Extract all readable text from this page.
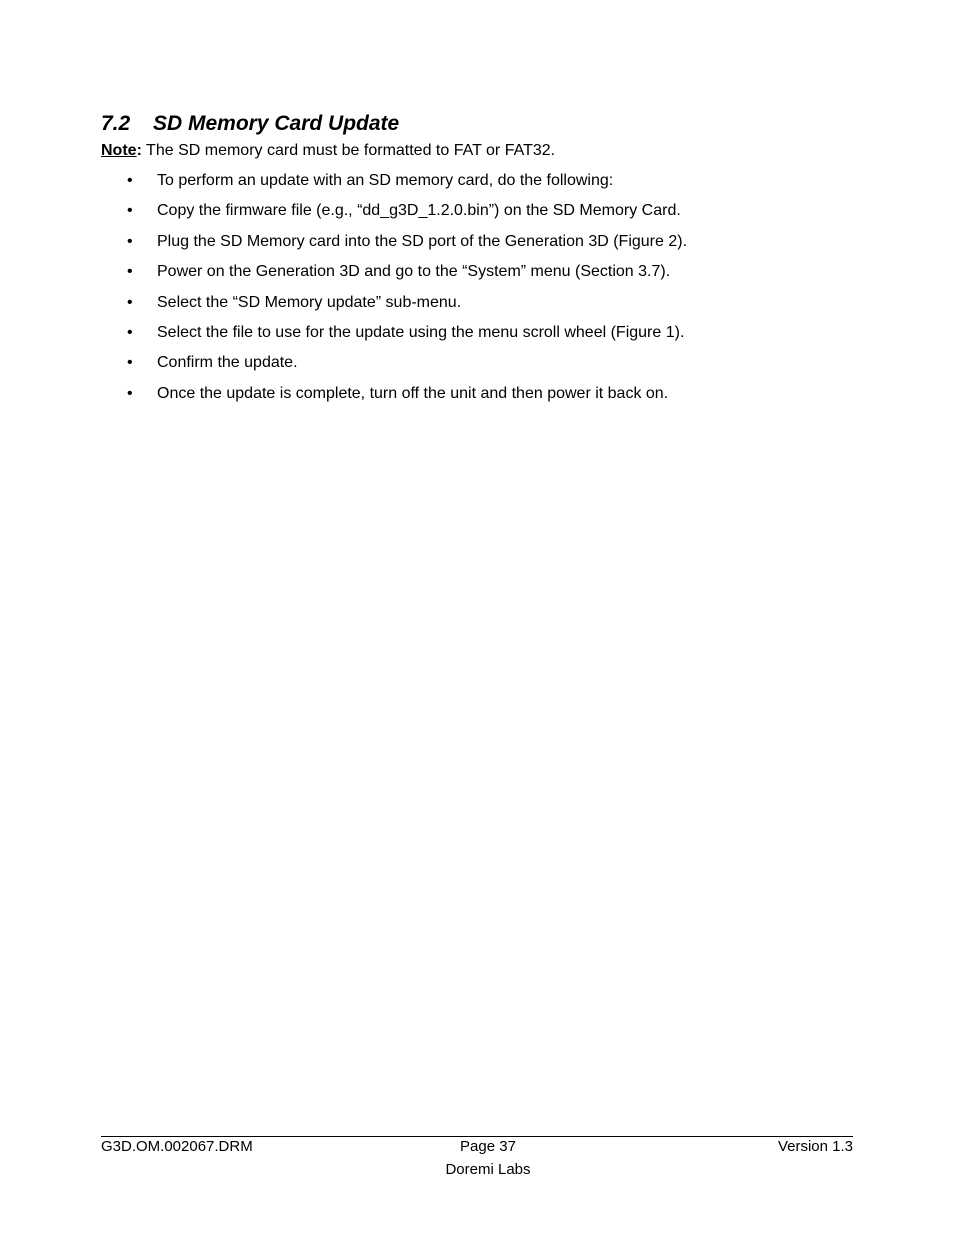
7.2 SD Memory Card Update
Note: The SD memory card must be formatted to FAT or FAT32.
• To perform an update with an SD memory card, do the following:
• Copy the firmware file (e.g., “dd_g3D_1.2.0.bin”) on the SD Memory Card.
• Plug the SD Memory card into the SD port of the Generation 3D (Figure 2).
• Power on the Generation 3D and go to the “System” menu (Section 3.7).
• Select the “SD Memory update” sub-menu.
• Select the file to use for the update using the menu scroll wheel (Figure 1).
• Confirm the update.
• Once the update is complete, turn off the unit and then power it back on.
G3D.OM.002067.DRM	Page 37
Doremi Labs
Version 1.3
